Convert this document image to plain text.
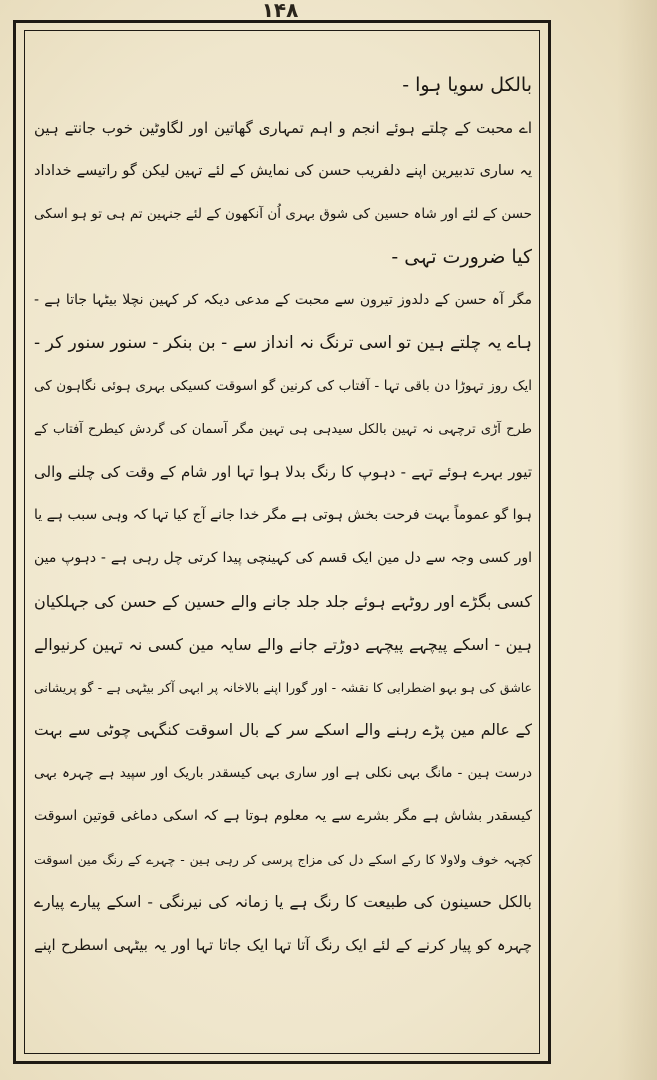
۱۴۸
بالکل سویا ہوا -
اے محبت کے چلتے ہوئے انجم و اہم تمہاری گھاتین اور لگاوٹین خوب جانتے ہین
یہ ساری تدبیرین اپنے دلفریب حسن کی نمایش کے لئے تہین لیکن گو راتیسے خداداد
حسن کے لئے اور شاہ حسین کی شوق بہری اُن آنکھون کے لئے جنہین تم ہی تو ہو اسکی
کیا ضرورت تہی -
مگر آہ حسن کے دلدوز تیرون سے محبت کے مدعی دیکہ کر کہین نچلا بیٹہا جاتا ہے -
ہاے یہ چلتے ہین تو اسی ترنگ نہ انداز سے - بن بنکر - سنور سنور کر -
ایک روز تہوڑا دن باقی تہا - آفتاب کی کرنین گو اسوقت کسیکی بہری ہوئی نگاہون کی
طرح آڑی ترچہی نہ تہین بالکل سیدہی ہی تہین مگر آسمان کی گردش کیطرح آفتاب کے
تیور بہرے ہوئے تہے - دہوپ کا رنگ بدلا ہوا تہا اور شام کے وقت کی چلنے والی
ہوا گو عموماً بہت فرحت بخش ہوتی ہے مگر خدا جانے آج کیا تہا کہ وہی سبب ہے یا
اور کسی وجہ سے دل مین ایک قسم کی کہینچی پیدا کرتی چل رہی ہے - دہوپ مین
کسی بگڑے اور روٹہے ہوئے جلد جلد جانے والے حسین کے حسن کی جہلکیان
ہین - اسکے پیچہے پیچہے دوڑتے جانے والے سایہ مین کسی نہ تہین کرنیوالے
عاشق کی ہو بہو اضطرابی کا نقشہ - اور گورا اپنے بالاخانہ پر ابہی آکر بیٹہی ہے - گو پریشانی
کے عالم مین پڑے رہنے والے اسکے سر کے بال اسوقت کنگہی چوٹی سے بہت
درست ہین - مانگ بہی نکلی ہے اور ساری بہی کیسقدر باریک اور سپید ہے چہرہ بہی
کیسقدر بشاش ہے مگر بشرے سے یہ معلوم ہوتا ہے کہ اسکی دماغی قوتین اسوقت
کچہہ خوف ولاولا کا رکے اسکے دل کی مزاج پرسی کر رہی ہین - چہرے کے رنگ مین اسوقت
بالکل حسینون کی طبیعت کا رنگ ہے یا زمانہ کی نیرنگی - اسکے پیارے پیارے
چہرہ کو پیار کرنے کے لئے ایک رنگ آتا تہا ایک جاتا تہا اور یہ بیٹہی اسطرح اپنے
